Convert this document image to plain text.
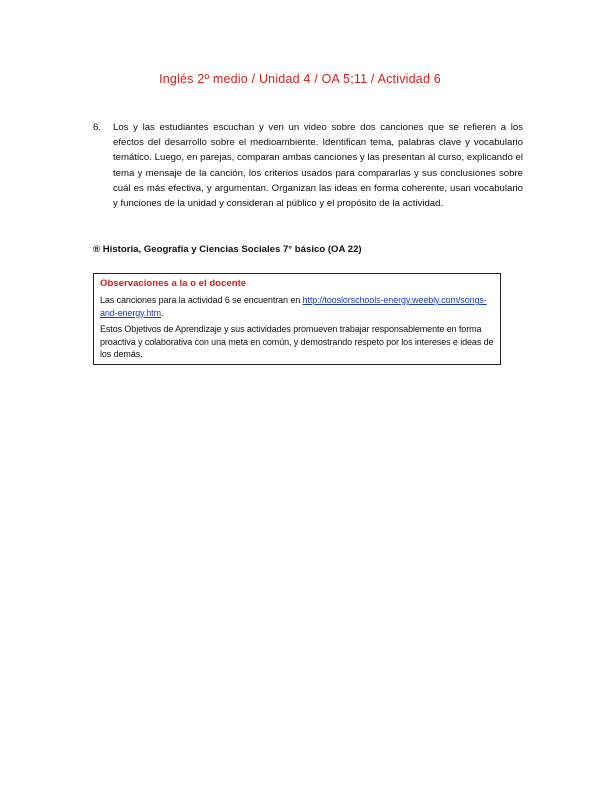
Inglés 2º medio / Unidad 4 / OA 5;11 / Actividad 6
6. Los y las estudiantes escuchan y ven un video sobre dos canciones que se refieren a los efectos del desarrollo sobre el medioambiente. Identifican tema, palabras clave y vocabulario temático. Luego, en parejas, comparan ambas canciones y las presentan al curso, explicando el tema y mensaje de la canción, los criterios usados para compararlas y sus conclusiones sobre cuál es más efectiva, y argumentan. Organizan las ideas en forma coherente, usan vocabulario y funciones de la unidad y consideran al público y el propósito de la actividad.
® Historia, Geografía y Ciencias Sociales 7° básico (OA 22)
Observaciones a la o el docente
Las canciones para la actividad 6 se encuentran en http://tooslorschools-energy.weebly.com/songs-and-energy.htm.
Estos Objetivos de Aprendizaje y sus actividades promueven trabajar responsablemente en forma proactiva y colaborativa con una meta en común, y demostrando respeto por los intereses e ideas de los demás.
